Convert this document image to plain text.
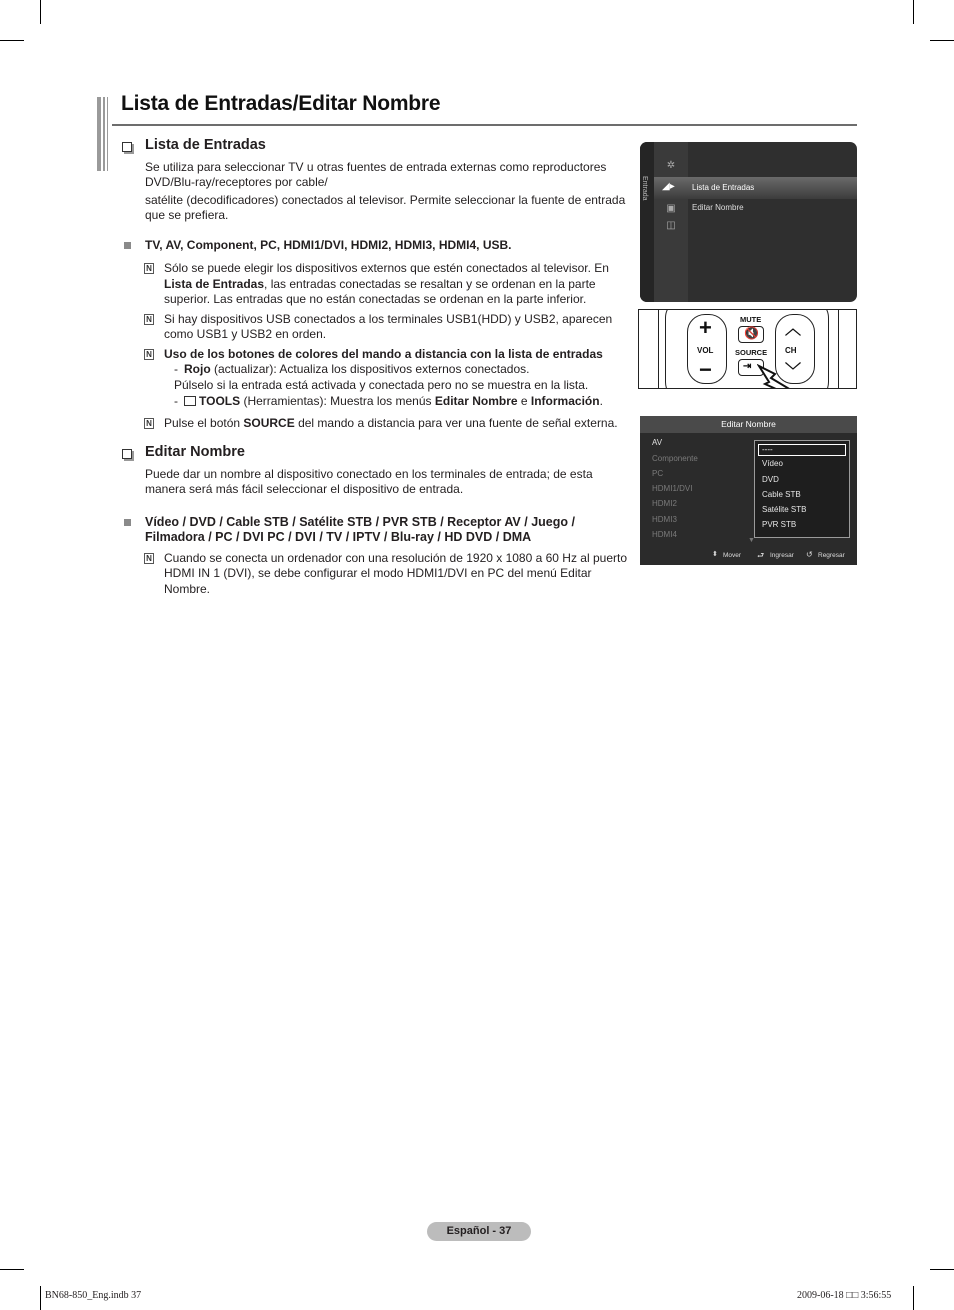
Lista de Entradas/Editar Nombre
Lista de Entradas

Se utiliza para seleccionar TV u otras fuentes de entrada externas como reproductores DVD/Blu-ray/receptores por cable/

satélite (decodificadores) conectados al televisor. Permite seleccionar la fuente de entrada que se prefiera.

TV, AV, Component, PC, HDMI1/DVI, HDMI2, HDMI3, HDMI4, USB.
N Sólo se puede elegir los dispositivos externos que estén conectados al televisor. En Lista de Entradas, las entradas conectadas se resaltan y se ordenan en la parte superior. Las entradas que no están conectadas se ordenan en la parte inferior.
N Si hay dispositivos USB conectados a los terminales USB1(HDD) y USB2, aparecen como USB1 y USB2 en orden.
N Uso de los botones de colores del mando a distancia con la lista de entradas
- Rojo (actualizar): Actualiza los dispositivos externos conectados.
Púlselo si la entrada está activada y conectada pero no se muestra en la lista.
- TOOLS (Herramientas): Muestra los menús Editar Nombre e Información.
N Pulse el botón SOURCE del mando a distancia para ver una fuente de señal externa.
Editar Nombre

Puede dar un nombre al dispositivo conectado en los terminales de entrada; de esta manera será más fácil seleccionar el dispositivo de entrada.

Vídeo / DVD / Cable STB / Satélite STB / PVR STB / Receptor AV / Juego / Filmadora / PC / DVI PC / DVI / TV / IPTV / Blu-ray / HD DVD / DMA
N Cuando se conecta un ordenador con una resolución de 1920 x 1080 a 60 Hz al puerto HDMI IN 1 (DVI), se debe configurar el modo HDMI1/DVI en PC del menú Editar Nombre.
Entrada
✲
◢▸
▣
◫
Lista de Entradas
Editar Nombre
+
VOL
−
MUTE
🔇
SOURCE
⇥
︿
CH
﹀
Editar Nombre
AV
Componente
PC
HDMI1/DVI
HDMI2
HDMI3
HDMI4
----
Vídeo
DVD
Cable STB
Satélite STB
PVR STB
▼
⬍ Mover ⮐ Ingresar ↺ Regresar
Español - 37
BN68-850_Eng.indb 37	2009-06-18 □□ 3:56:55
